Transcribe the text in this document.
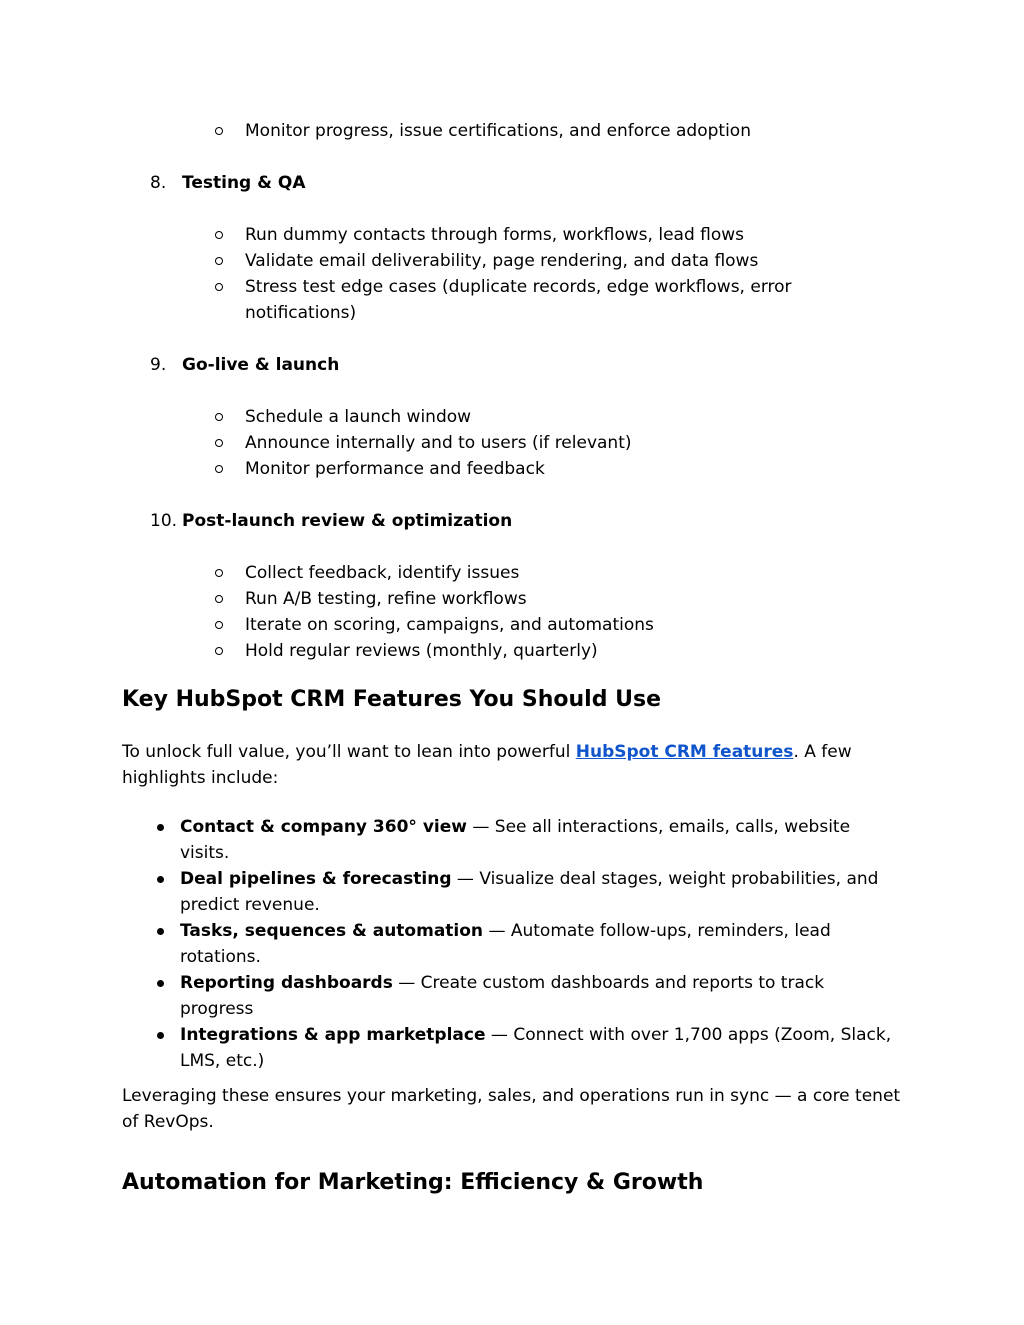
Monitor progress, issue certifications, and enforce adoption
8. Testing & QA
Run dummy contacts through forms, workflows, lead flows
Validate email deliverability, page rendering, and data flows
Stress test edge cases (duplicate records, edge workflows, error notifications)
9. Go-live & launch
Schedule a launch window
Announce internally and to users (if relevant)
Monitor performance and feedback
10. Post-launch review & optimization
Collect feedback, identify issues
Run A/B testing, refine workflows
Iterate on scoring, campaigns, and automations
Hold regular reviews (monthly, quarterly)
Key HubSpot CRM Features You Should Use

To unlock full value, you’ll want to lean into powerful HubSpot CRM features. A few highlights include:

Contact & company 360° view — See all interactions, emails, calls, website visits.
Deal pipelines & forecasting — Visualize deal stages, weight probabilities, and predict revenue.
Tasks, sequences & automation — Automate follow-ups, reminders, lead rotations.
Reporting dashboards — Create custom dashboards and reports to track progress
Integrations & app marketplace — Connect with over 1,700 apps (Zoom, Slack, LMS, etc.)

Leveraging these ensures your marketing, sales, and operations run in sync — a core tenet of RevOps.

Automation for Marketing: Efficiency & Growth
